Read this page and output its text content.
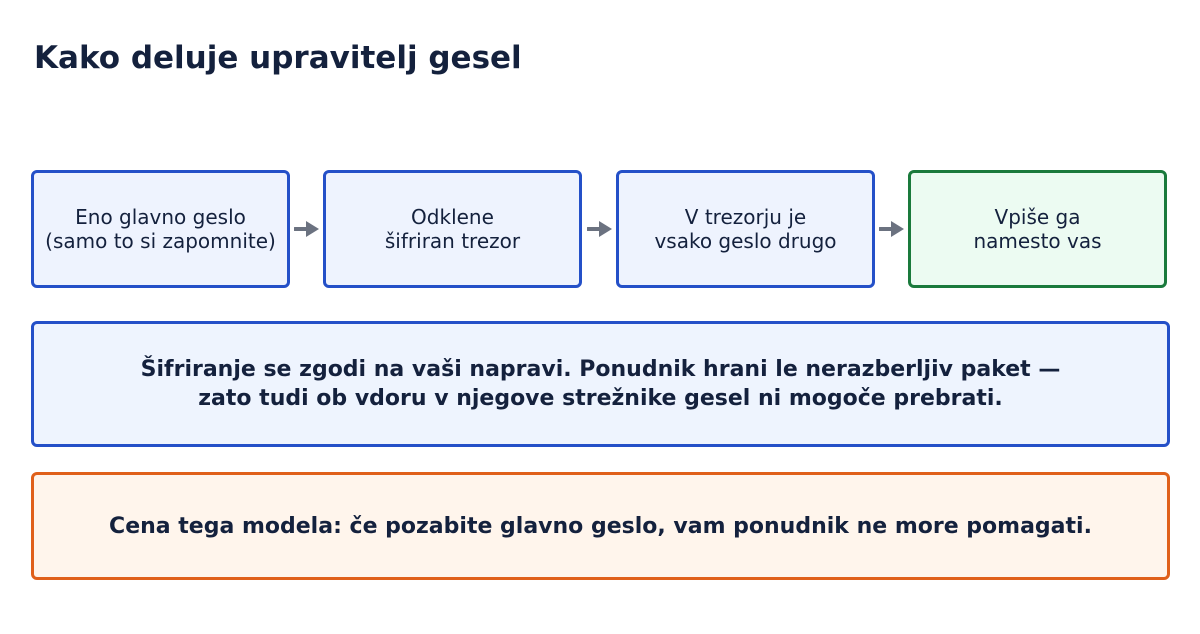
Kako deluje upravitelj gesel
Eno glavno geslo
(samo to si zapomnite)
Odklene
šifriran trezor
V trezorju je
vsako geslo drugo
Vpiše ga
namesto vas
Šifriranje se zgodi na vaši napravi. Ponudnik hrani le nerazberljiv paket —
zato tudi ob vdoru v njegove strežnike gesel ni mogoče prebrati.
Cena tega modela: če pozabite glavno geslo, vam ponudnik ne more pomagati.
